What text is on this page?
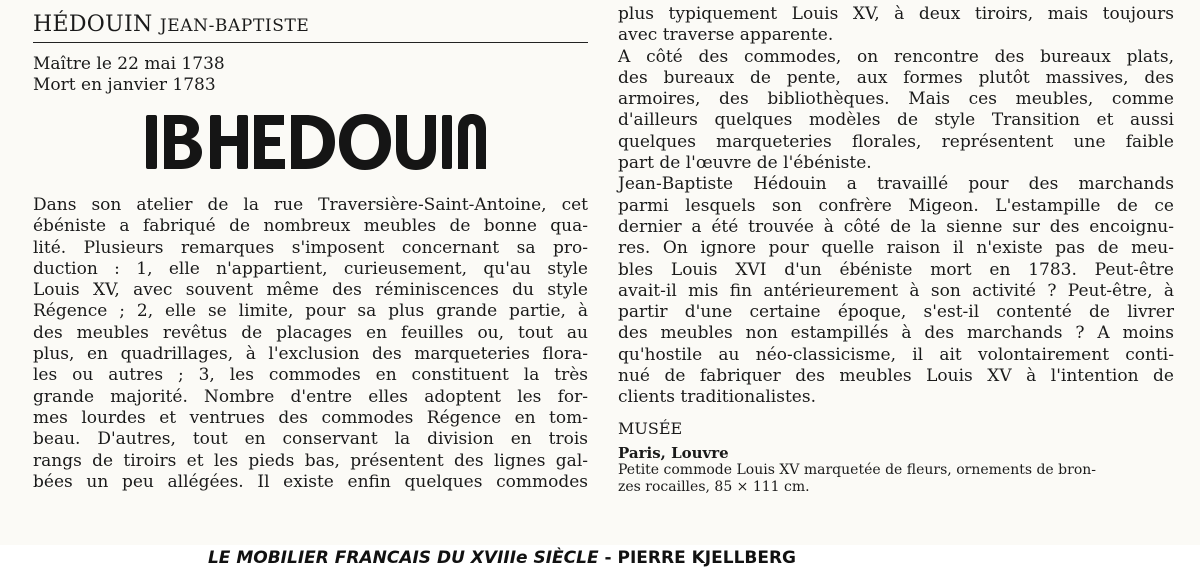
HÉDOUIN JEAN-BAPTISTE
Maître le 22 mai 1738
Mort en janvier 1783
Dans son atelier de la rue Traversière-Saint-Antoine, cet
ébéniste a fabriqué de nombreux meubles de bonne qua-
lité. Plusieurs remarques s'imposent concernant sa pro-
duction : 1, elle n'appartient, curieusement, qu'au style
Louis XV, avec souvent même des réminiscences du style
Régence ; 2, elle se limite, pour sa plus grande partie, à
des meubles revêtus de placages en feuilles ou, tout au
plus, en quadrillages, à l'exclusion des marqueteries flora-
les ou autres ; 3, les commodes en constituent la très
grande majorité. Nombre d'entre elles adoptent les for-
mes lourdes et ventrues des commodes Régence en tom-
beau. D'autres, tout en conservant la division en trois
rangs de tiroirs et les pieds bas, présentent des lignes gal-
bées un peu allégées. Il existe enfin quelques commodes
plus typiquement Louis XV, à deux tiroirs, mais toujours
avec traverse apparente.
A côté des commodes, on rencontre des bureaux plats,
des bureaux de pente, aux formes plutôt massives, des
armoires, des bibliothèques. Mais ces meubles, comme
d'ailleurs quelques modèles de style Transition et aussi
quelques marqueteries florales, représentent une faible
part de l'œuvre de l'ébéniste.
Jean-Baptiste Hédouin a travaillé pour des marchands
parmi lesquels son confrère Migeon. L'estampille de ce
dernier a été trouvée à côté de la sienne sur des encoignu-
res. On ignore pour quelle raison il n'existe pas de meu-
bles Louis XVI d'un ébéniste mort en 1783. Peut-être
avait-il mis fin antérieurement à son activité ? Peut-être, à
partir d'une certaine époque, s'est-il contenté de livrer
des meubles non estampillés à des marchands ? A moins
qu'hostile au néo-classicisme, il ait volontairement conti-
nué de fabriquer des meubles Louis XV à l'intention de
clients traditionalistes.
MUSÉE
Paris, Louvre
Petite commode Louis XV marquetée de fleurs, ornements de bron-
zes rocailles, 85 × 111 cm.
LE MOBILIER FRANCAIS DU XVIIIe SIÈCLE - PIERRE KJELLBERG
